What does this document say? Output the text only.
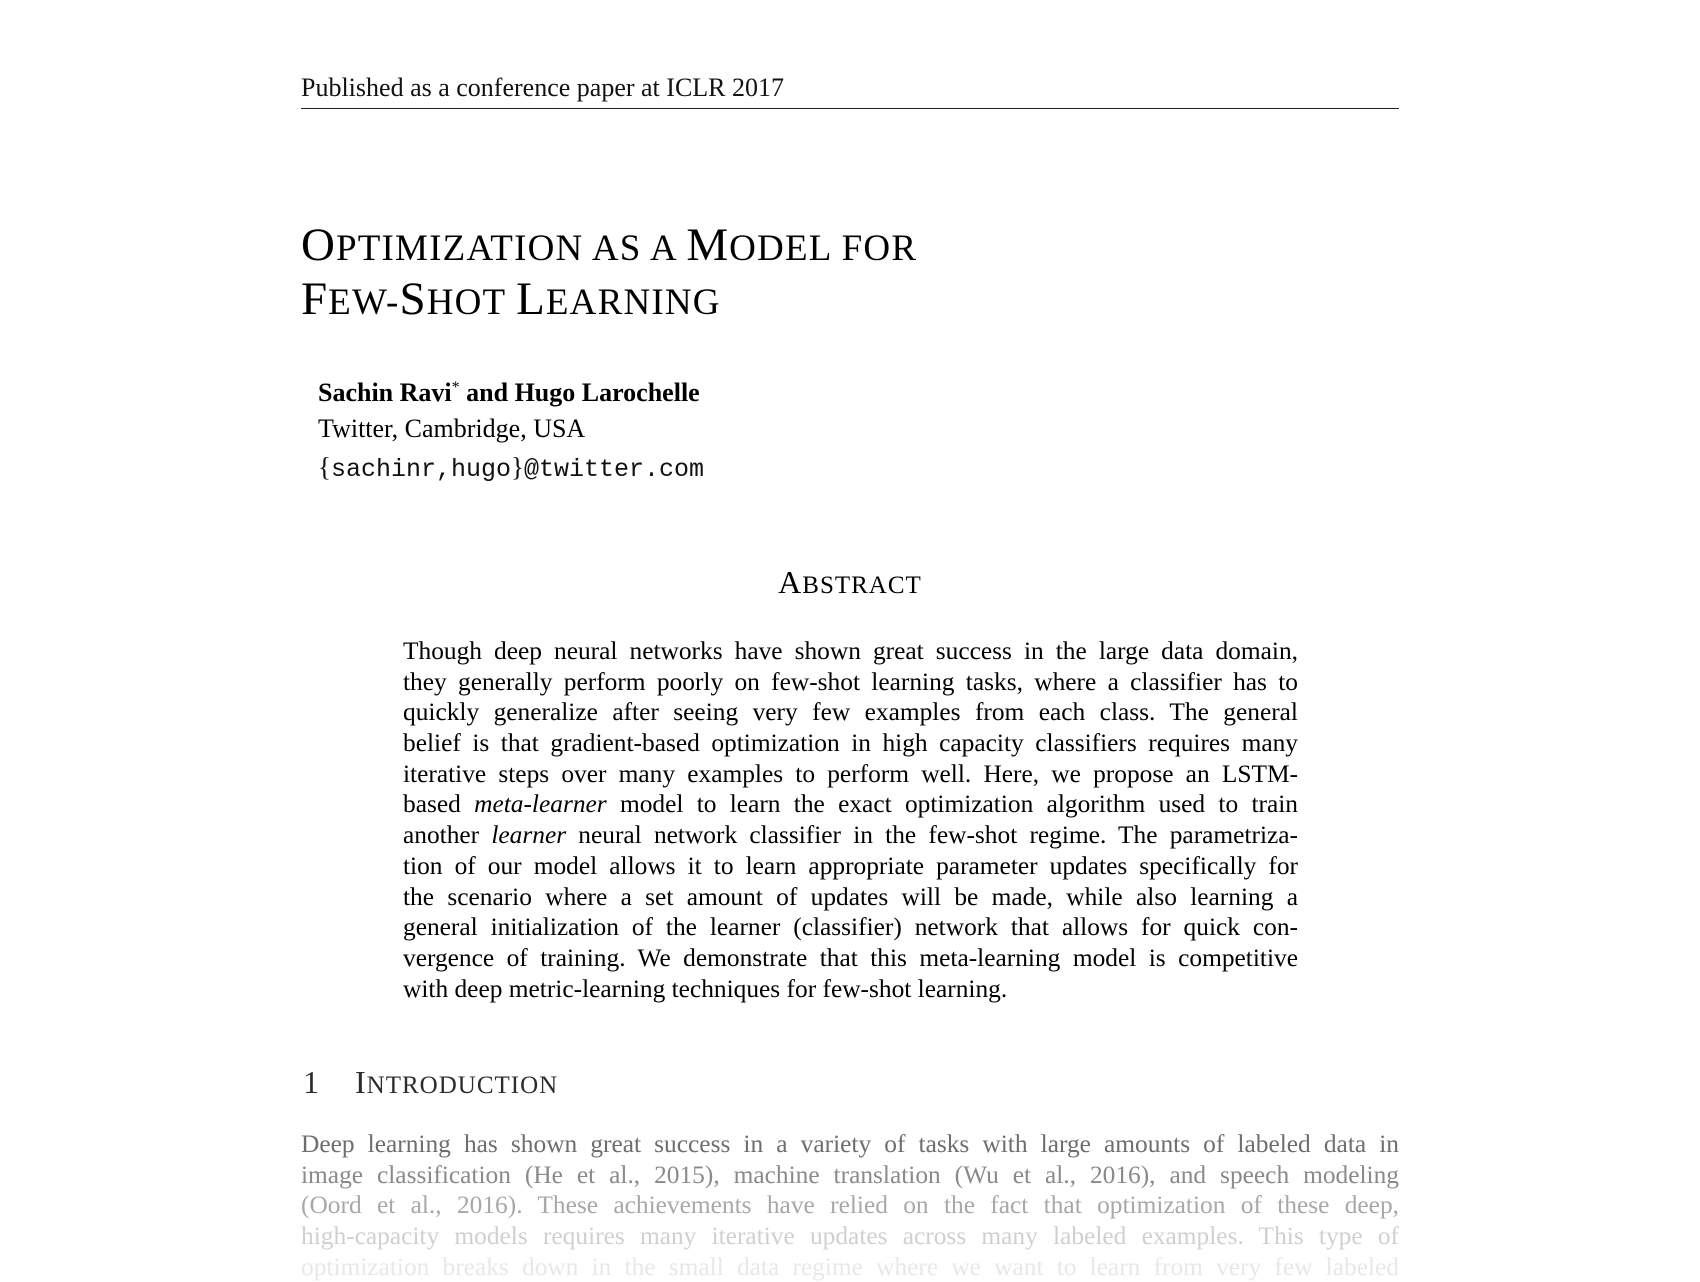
Published as a conference paper at ICLR 2017
OPTIMIZATION AS A MODEL FOR
FEW-SHOT LEARNING
Sachin Ravi* and Hugo Larochelle
Twitter, Cambridge, USA
{sachinr,hugo}@twitter.com
ABSTRACT
Though deep neural networks have shown great success in the large data domain,
they generally perform poorly on few-shot learning tasks, where a classifier has to
quickly generalize after seeing very few examples from each class. The general
belief is that gradient-based optimization in high capacity classifiers requires many
iterative steps over many examples to perform well. Here, we propose an LSTM-
based meta-learner model to learn the exact optimization algorithm used to train
another learner neural network classifier in the few-shot regime. The parametriza-
tion of our model allows it to learn appropriate parameter updates specifically for
the scenario where a set amount of updates will be made, while also learning a
general initialization of the learner (classifier) network that allows for quick con-
vergence of training. We demonstrate that this meta-learning model is competitive
with deep metric-learning techniques for few-shot learning.
1 INTRODUCTION
Deep learning has shown great success in a variety of tasks with large amounts of labeled data in
image classification (He et al., 2015), machine translation (Wu et al., 2016), and speech modeling
(Oord et al., 2016). These achievements have relied on the fact that optimization of these deep,
high-capacity models requires many iterative updates across many labeled examples. This type of
optimization breaks down in the small data regime where we want to learn from very few labeled
